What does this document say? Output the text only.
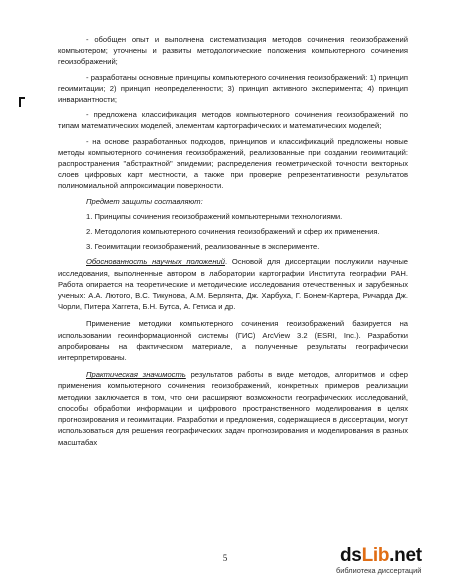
- обобщен опыт и выполнена систематизация методов сочинения геоизображений компьютером; уточнены и развиты методологические положения компьютерного сочинения геоизображений;

- разработаны основные принципы компьютерного сочинения геоизображений: 1) принцип геоимитации; 2) принцип неопределенности; 3) принцип активного эксперимента; 4) принцип инвариантности;

- предложена классификация методов компьютерного сочинения геоизображений по типам математических моделей, элементам картографических и математических моделей;

- на основе разработанных подходов, принципов и классификаций предложены новые методы компьютерного сочинения геоизображений, реализованные при создании геоимитаций: распространения "абстрактной" эпидемии; распределения геометрической точности векторных слоев цифровых карт местности, а также при проверке репрезентативности результатов полиномиальной аппроксимации поверхности.

Предмет защиты составляют:

1. Принципы сочинения геоизображений компьютерными технологиями.

2. Методология компьютерного сочинения геоизображений и сфер их применения.

3. Геоимитации геоизображений, реализованные в эксперименте.

Обоснованность научных положений. Основой для диссертации послужили научные исследования, выполненные автором в лаборатории картографии Института географии РАН. Работа опирается на теоретические и методические исследования отечественных и зарубежных ученых: А.А. Лютого, В.С. Тикунова, А.М. Берлянта, Дж. Харбуха, Г. Бонем-Картера, Ричарда Дж. Чорли, Питера Хаггета, Б.Н. Бутса, А. Гетиса и др.

Применение методики компьютерного сочинения геоизображений базируется на использовании геоинформационной системы (ГИС) ArcView 3.2 (ESRI, Inc.). Разработки апробированы на фактическом материале, а полученные результаты географически интерпретированы.

Практическая значимость результатов работы в виде методов, алгоритмов и сфер применения компьютерного сочинения геоизображений, конкретных примеров реализации методики заключается в том, что они расширяют возможности географических исследований, способы обработки информации и цифрового пространственного моделирования в целях прогнозирования и геоимитации. Разработки и предложения, содержащиеся в диссертации, могут использоваться для решения географических задач прогнозирования и моделирования в разных масштабах

5	dsLib.net
библиотека диссертаций
